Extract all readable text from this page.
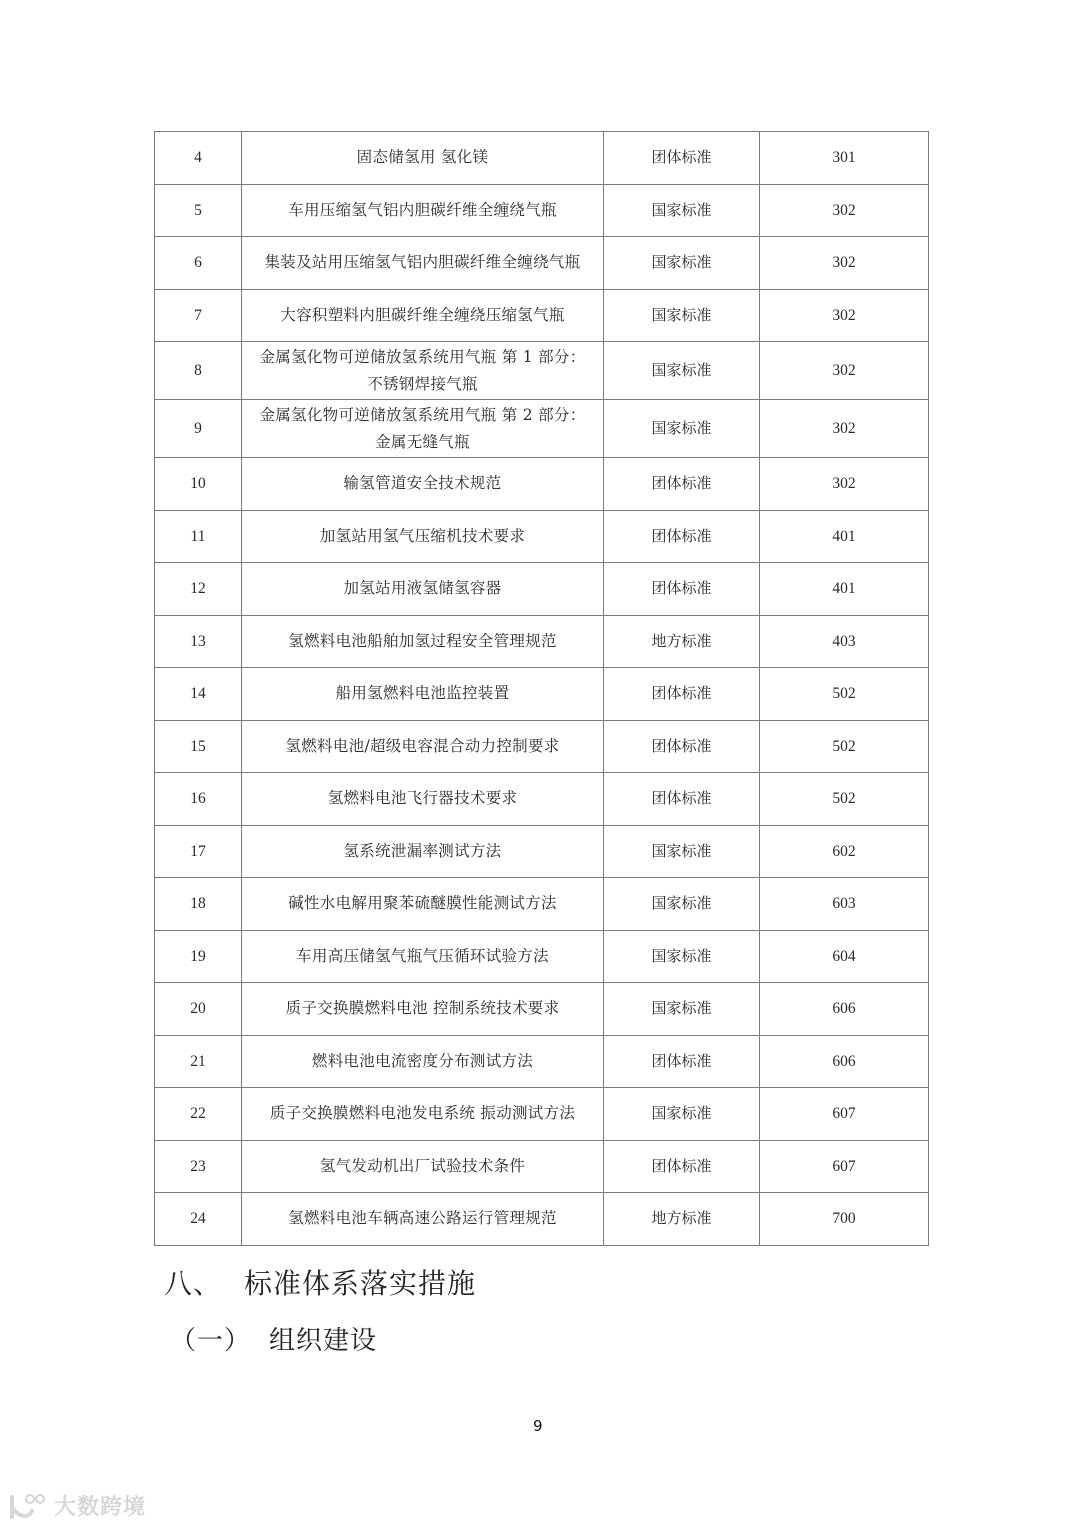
4	固态储氢用 氢化镁	团体标准	301
5	车用压缩氢气铝内胆碳纤维全缠绕气瓶	国家标准	302
6	集装及站用压缩氢气铝内胆碳纤维全缠绕气瓶	国家标准	302
7	大容积塑料内胆碳纤维全缠绕压缩氢气瓶	国家标准	302
8	金属氢化物可逆储放氢系统用气瓶 第 1 部分：
不锈钢焊接气瓶	国家标准	302
9	金属氢化物可逆储放氢系统用气瓶 第 2 部分：
金属无缝气瓶	国家标准	302
10	输氢管道安全技术规范	团体标准	302
11	加氢站用氢气压缩机技术要求	团体标准	401
12	加氢站用液氢储氢容器	团体标准	401
13	氢燃料电池船舶加氢过程安全管理规范	地方标准	403
14	船用氢燃料电池监控装置	团体标准	502
15	氢燃料电池/超级电容混合动力控制要求	团体标准	502
16	氢燃料电池飞行器技术要求	团体标准	502
17	氢系统泄漏率测试方法	国家标准	602
18	碱性水电解用聚苯硫醚膜性能测试方法	国家标准	603
19	车用高压储氢气瓶气压循环试验方法	国家标准	604
20	质子交换膜燃料电池 控制系统技术要求	国家标准	606
21	燃料电池电流密度分布测试方法	团体标准	606
22	质子交换膜燃料电池发电系统 振动测试方法	国家标准	607
23	氢气发动机出厂试验技术条件	团体标准	607
24	氢燃料电池车辆高速公路运行管理规范	地方标准	700
八、 标准体系落实措施
（一） 组织建设
9
大数跨境
